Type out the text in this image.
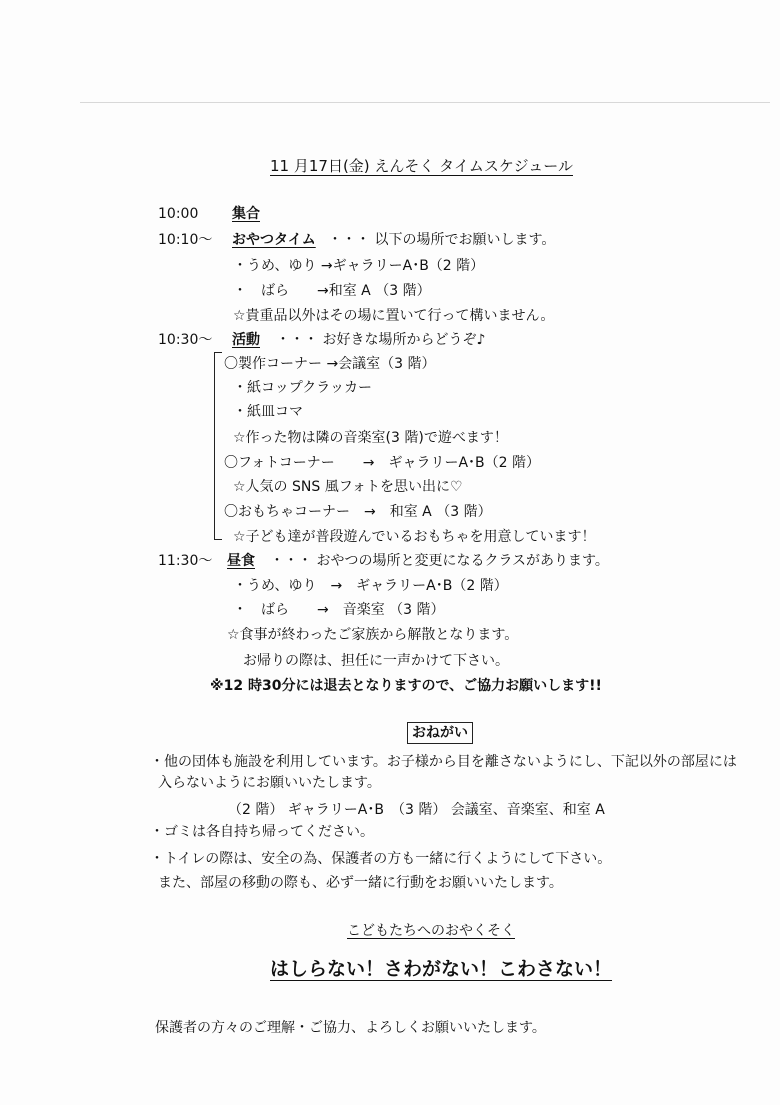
11 月17日(金) えんそく タイムスケジュール
10:00 集合
10:10～ おやつタイム ・・・ 以下の場所でお願いします。
・うめ、ゆり →ギャラリーA･B（2 階）
・　ばら　　→和室 A （3 階）
☆貴重品以外はその場に置いて行って構いません。
10:30～ 活動 ・・・ お好きな場所からどうぞ♪
〇製作コーナー →会議室（3 階）
・紙コップクラッカー
・紙皿コマ
☆作った物は隣の音楽室(3 階)で遊べます！
〇フォトコーナー　　→　ギャラリーA･B（2 階）
☆人気の SNS 風フォトを思い出に♡
〇おもちゃコーナー　→　和室 A （3 階）
☆子ども達が普段遊んでいるおもちゃを用意しています！
11:30～ 昼食 ・・・ おやつの場所と変更になるクラスがあります。
・うめ、ゆり　→　ギャラリーA･B（2 階）
・　ばら　　→　音楽室 （3 階）
☆食事が終わったご家族から解散となります。
お帰りの際は、担任に一声かけて下さい。
※12 時30分には退去となりますので、ご協力お願いします!!
おねがい
・他の団体も施設を利用しています。お子様から目を離さないようにし、下記以外の部屋には
入らないようにお願いいたします。
（2 階） ギャラリーA･B　（3 階） 会議室、音楽室、和室 A
・ゴミは各自持ち帰ってください。
・トイレの際は、安全の為、保護者の方も一緒に行くようにして下さい。
また、部屋の移動の際も、必ず一緒に行動をお願いいたします。
こどもたちへのおやくそく
はしらない！さわがない！こわさない！
保護者の方々のご理解・ご協力、よろしくお願いいたします。
